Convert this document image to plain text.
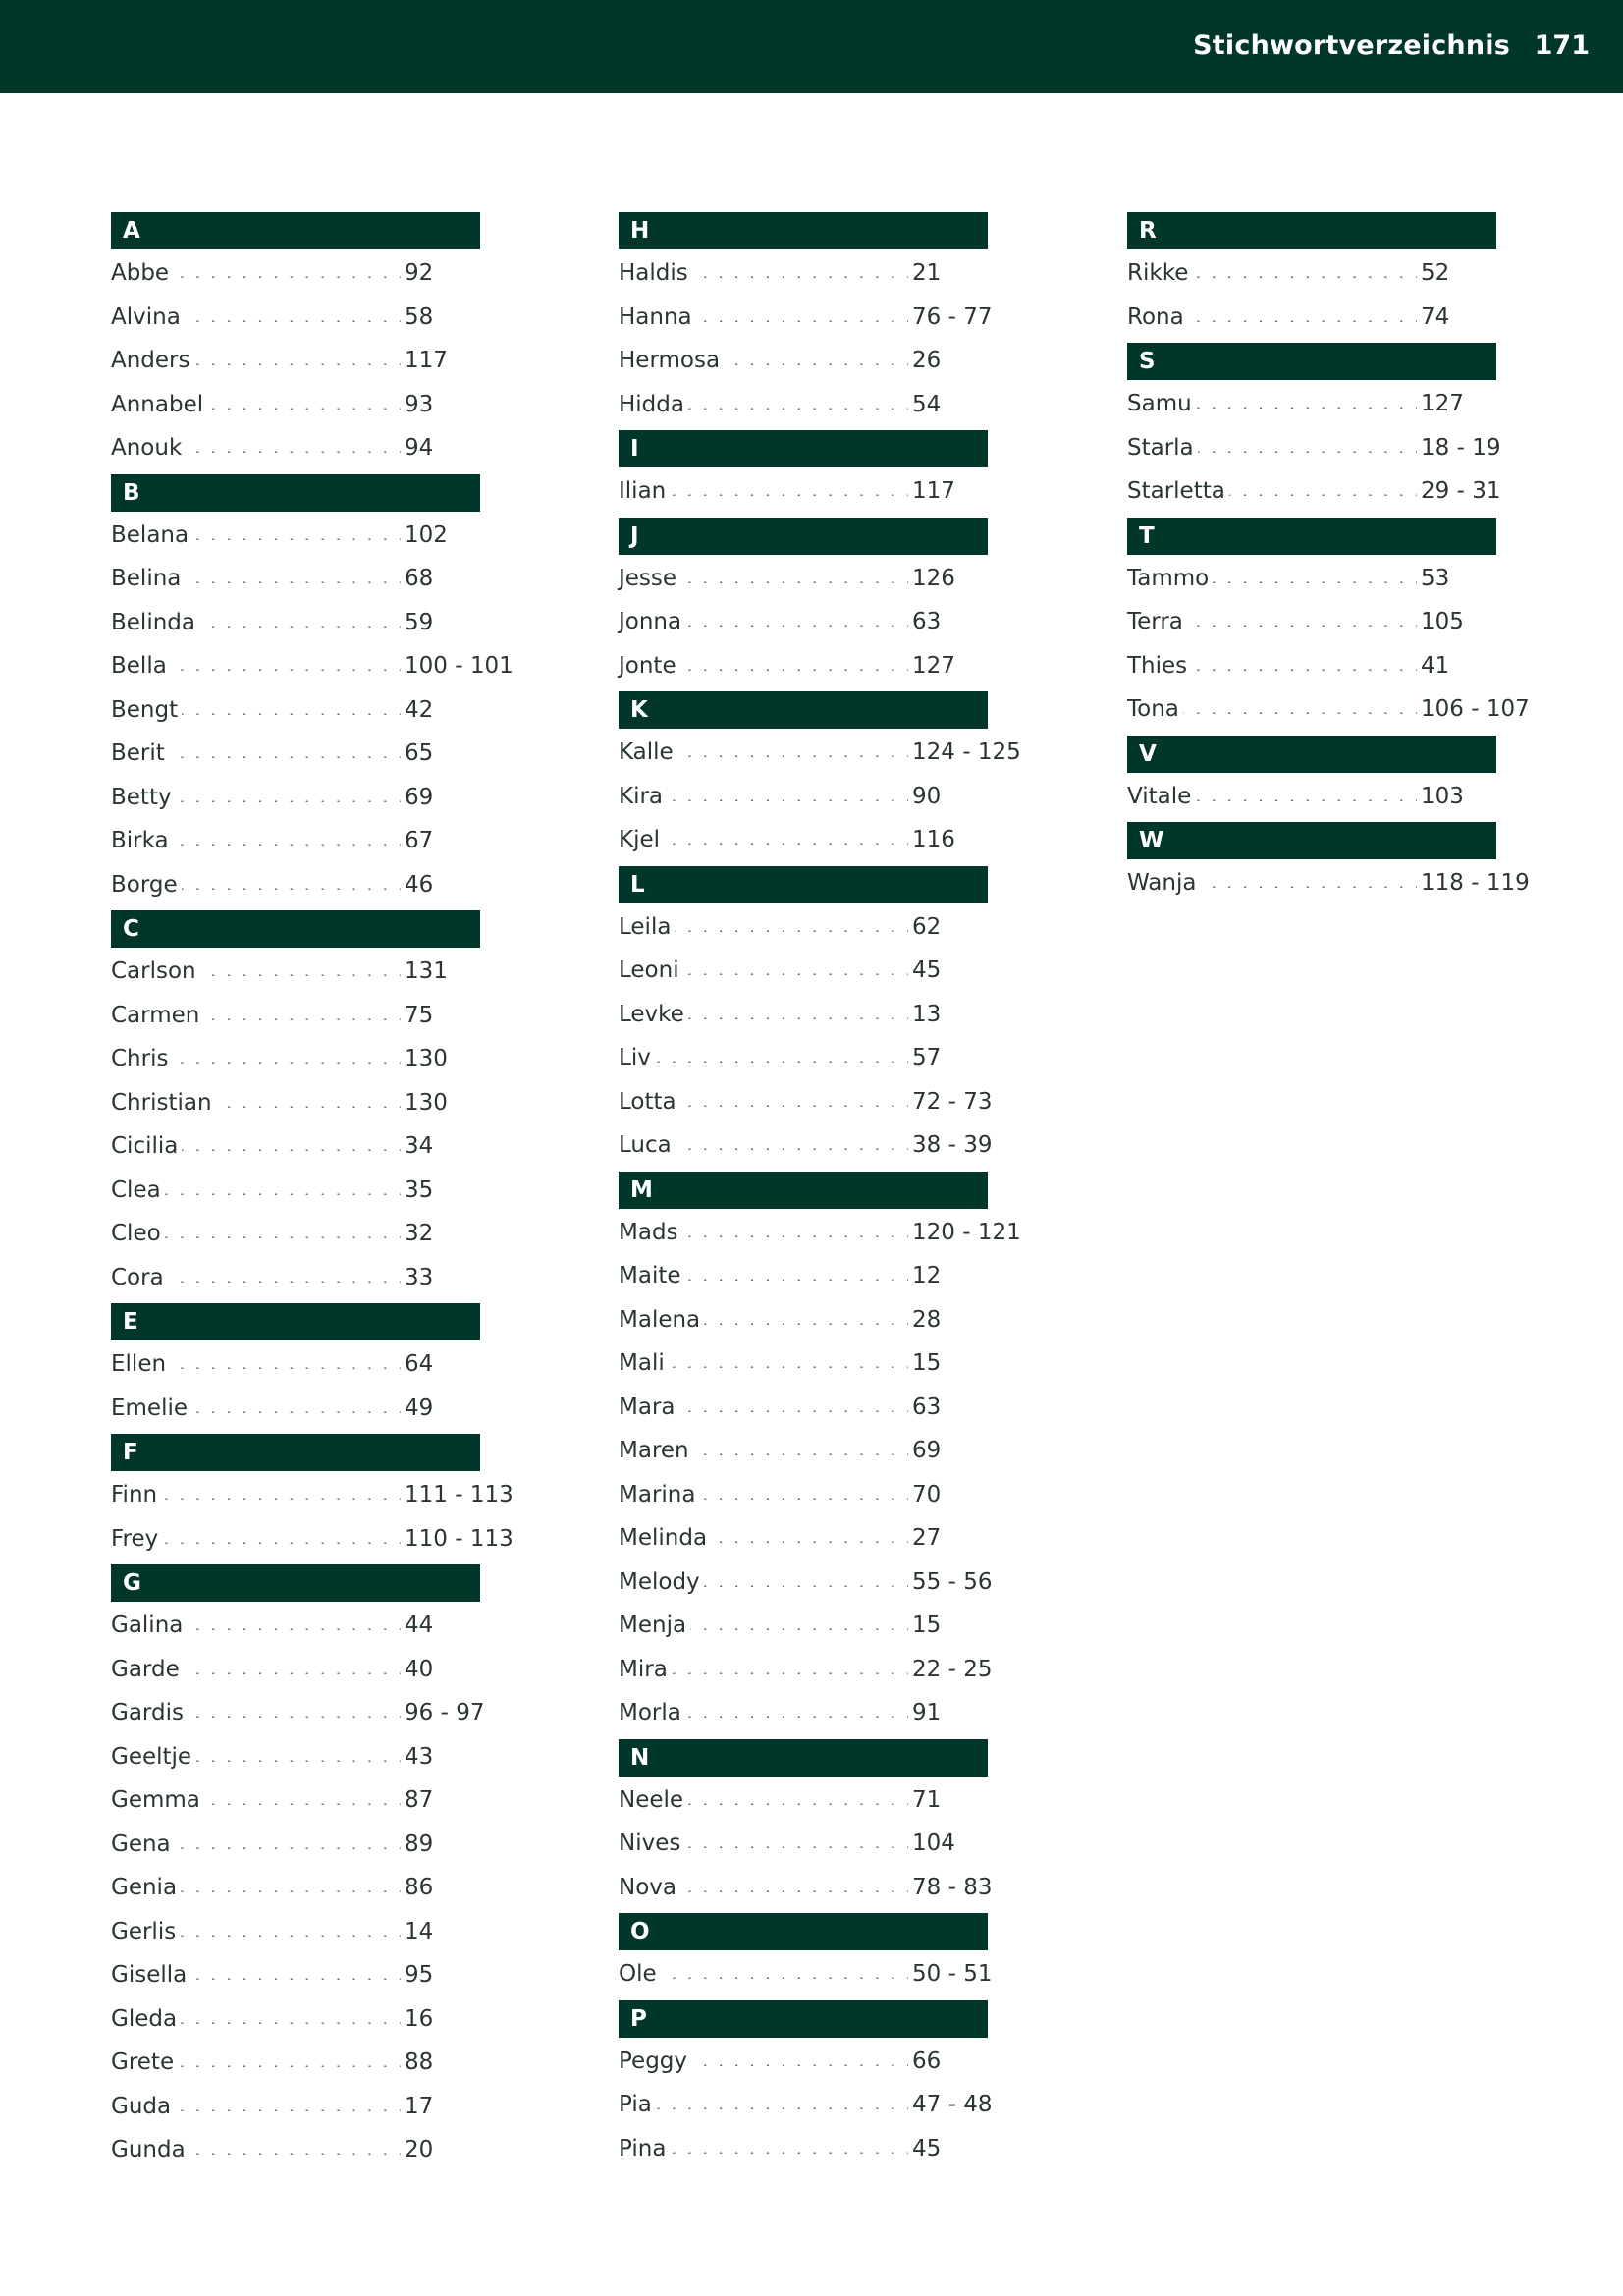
Stichwortverzeichnis 171
A
. . .
Abbe	92
. . .
Alvina	58
. . .
Anders	117
. . .
Annabel	93
. . .
Anouk	94
B
. . .
Belana	102
. . .
Belina	68
. . .
Belinda	59
. . .
Bella	100 - 101
. . .
Bengt	42
. . .
Berit	65
. . .
Betty	69
. . .
Birka	67
. . .
Borge	46
C
. . .
Carlson	131
. . .
Carmen	75
. . .
Chris	130
. . .
Christian	130
. . .
Cicilia	34
. . .
Clea	35
. . .
Cleo	32
. . .
Cora	33
E
. . .
Ellen	64
. . .
Emelie	49
F
. . .
Finn	111 - 113
. . .
Frey	110 - 113
G
. . .
Galina	44
. . .
Garde	40
. . .
Gardis	96 - 97
. . .
Geeltje	43
. . .
Gemma	87
. . .
Gena	89
. . .
Genia	86
. . .
Gerlis	14
. . .
Gisella	95
. . .
Gleda	16
. . .
Grete	88
. . .
Guda	17
. . .
Gunda	20
H
. . .
Haldis	21
. . .
Hanna	76 - 77
. . .
Hermosa	26
. . .
Hidda	54
I
. . .
Ilian	117
J
. . .
Jesse	126
. . .
Jonna	63
. . .
Jonte	127
K
. . .
Kalle	124 - 125
. . .
Kira	90
. . .
Kjel	116
L
. . .
Leila	62
. . .
Leoni	45
. . .
Levke	13
. . .
Liv	57
. . .
Lotta	72 - 73
. . .
Luca	38 - 39
M
. . .
Mads	120 - 121
. . .
Maite	12
. . .
Malena	28
. . .
Mali	15
. . .
Mara	63
. . .
Maren	69
. . .
Marina	70
. . .
Melinda	27
. . .
Melody	55 - 56
. . .
Menja	15
. . .
Mira	22 - 25
. . .
Morla	91
N
. . .
Neele	71
. . .
Nives	104
. . .
Nova	78 - 83
O
. . .
Ole	50 - 51
P
. . .
Peggy	66
. . .
Pia	47 - 48
. . .
Pina	45
R
. . .
Rikke	52
. . .
Rona	74
S
. . .
Samu	127
. . .
Starla	18 - 19
. . .
Starletta	29 - 31
T
. . .
Tammo	53
. . .
Terra	105
. . .
Thies	41
. . .
Tona	106 - 107
V
. . .
Vitale	103
W
. . .
Wanja	118 - 119
